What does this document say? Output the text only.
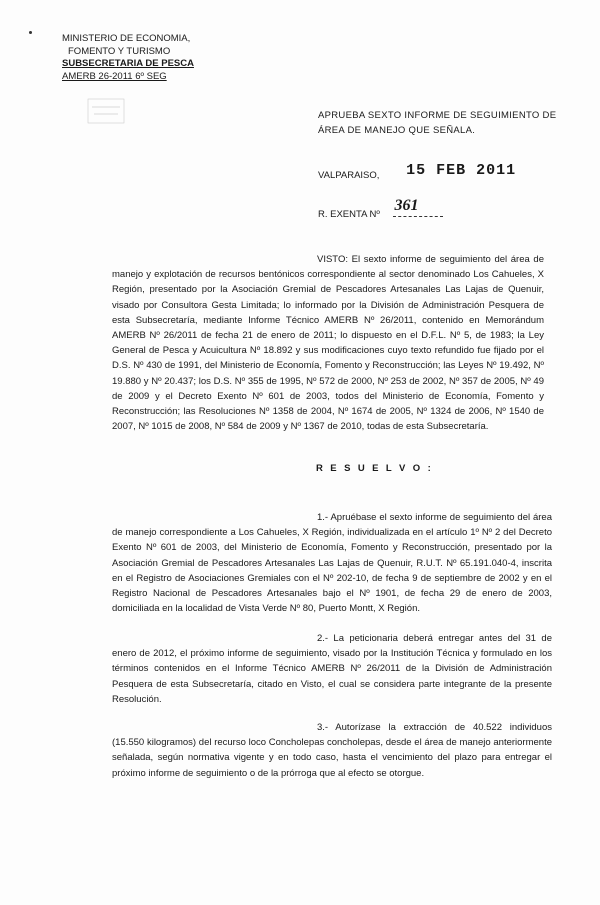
MINISTERIO DE ECONOMIA,
FOMENTO Y TURISMO
SUBSECRETARIA DE PESCA
AMERB 26-2011 6º SEG
APRUEBA SEXTO INFORME DE SEGUIMIENTO DE ÁREA DE MANEJO QUE SEÑALA.
VALPARAISO, 15 FEB 2011
R. EXENTA Nº 361
VISTO: El sexto informe de seguimiento del área de manejo y explotación de recursos bentónicos correspondiente al sector denominado Los Cahueles, X Región, presentado por la Asociación Gremial de Pescadores Artesanales Las Lajas de Quenuir, visado por Consultora Gesta Limitada; lo informado por la División de Administración Pesquera de esta Subsecretaría, mediante Informe Técnico AMERB Nº 26/2011, contenido en Memorándum AMERB Nº 26/2011 de fecha 21 de enero de 2011; lo dispuesto en el D.F.L. Nº 5, de 1983; la Ley General de Pesca y Acuicultura Nº 18.892 y sus modificaciones cuyo texto refundido fue fijado por el D.S. Nº 430 de 1991, del Ministerio de Economía, Fomento y Reconstrucción; las Leyes Nº 19.492, Nº 19.880 y Nº 20.437; los D.S. Nº 355 de 1995, Nº 572 de 2000, Nº 253 de 2002, Nº 357 de 2005, Nº 49 de 2009 y el Decreto Exento Nº 601 de 2003, todos del Ministerio de Economía, Fomento y Reconstrucción; las Resoluciones Nº 1358 de 2004, Nº 1674 de 2005, Nº 1324 de 2006, Nº 1540 de 2007, Nº 1015 de 2008, Nº 584 de 2009 y Nº 1367 de 2010, todas de esta Subsecretaría.
R E S U E L V O :
1.- Apruébase el sexto informe de seguimiento del área de manejo correspondiente a Los Cahueles, X Región, individualizada en el artículo 1º Nº 2 del Decreto Exento Nº 601 de 2003, del Ministerio de Economía, Fomento y Reconstrucción, presentado por la Asociación Gremial de Pescadores Artesanales Las Lajas de Quenuir, R.U.T. Nº 65.191.040-4, inscrita en el Registro de Asociaciones Gremiales con el Nº 202-10, de fecha 9 de septiembre de 2002 y en el Registro Nacional de Pescadores Artesanales bajo el Nº 1901, de fecha 29 de enero de 2003, domiciliada en la localidad de Vista Verde Nº 80, Puerto Montt, X Región.
2.- La peticionaria deberá entregar antes del 31 de enero de 2012, el próximo informe de seguimiento, visado por la Institución Técnica y formulado en los términos contenidos en el Informe Técnico AMERB Nº 26/2011 de la División de Administración Pesquera de esta Subsecretaría, citado en Visto, el cual se considera parte integrante de la presente Resolución.
3.- Autorízase la extracción de 40.522 individuos (15.550 kilogramos) del recurso loco Concholepas concholepas, desde el área de manejo anteriormente señalada, según normativa vigente y en todo caso, hasta el vencimiento del plazo para entregar el próximo informe de seguimiento o de la prórroga que al efecto se otorgue.
